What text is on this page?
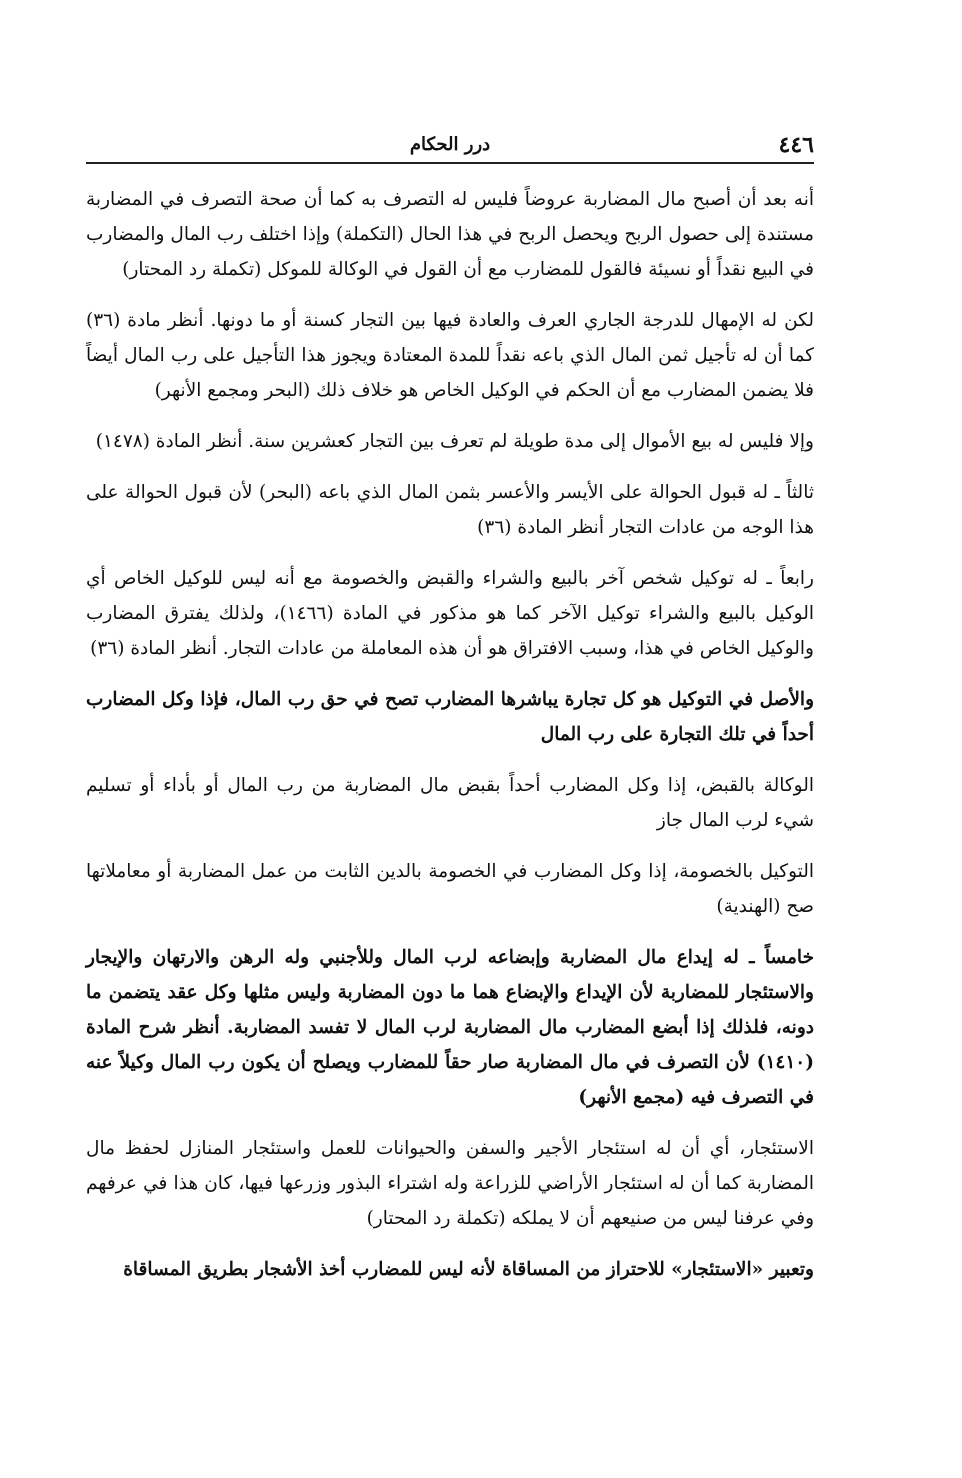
٤٤٦
درر الحكام

أنه بعد أن أصبح مال المضاربة عروضاً فليس له التصرف به كما أن صحة التصرف في المضاربة مستندة إلى حصول الربح ويحصل الربح في هذا الحال (التكملة) وإذا اختلف رب المال والمضارب في البيع نقداً أو نسيئة فالقول للمضارب مع أن القول في الوكالة للموكل (تكملة رد المحتار)

لكن له الإمهال للدرجة الجاري العرف والعادة فيها بين التجار كسنة أو ما دونها. أنظر مادة (٣٦) كما أن له تأجيل ثمن المال الذي باعه نقداً للمدة المعتادة ويجوز هذا التأجيل على رب المال أيضاً فلا يضمن المضارب مع أن الحكم في الوكيل الخاص هو خلاف ذلك (البحر ومجمع الأنهر)

وإلا فليس له بيع الأموال إلى مدة طويلة لم تعرف بين التجار كعشرين سنة. أنظر المادة (١٤٧٨)

ثالثاً ـ له قبول الحوالة على الأيسر والأعسر بثمن المال الذي باعه (البحر) لأن قبول الحوالة على هذا الوجه من عادات التجار أنظر المادة (٣٦)

رابعاً ـ له توكيل شخص آخر بالبيع والشراء والقبض والخصومة مع أنه ليس للوكيل الخاص أي الوكيل بالبيع والشراء توكيل الآخر كما هو مذكور في المادة (١٤٦٦)، ولذلك يفترق المضارب والوكيل الخاص في هذا، وسبب الافتراق هو أن هذه المعاملة من عادات التجار. أنظر المادة (٣٦)

والأصل في التوكيل هو كل تجارة يباشرها المضارب تصح في حق رب المال، فإذا وكل المضارب أحداً في تلك التجارة على رب المال

الوكالة بالقبض، إذا وكل المضارب أحداً بقبض مال المضاربة من رب المال أو بأداء أو تسليم شيء لرب المال جاز

التوكيل بالخصومة، إذا وكل المضارب في الخصومة بالدين الثابت من عمل المضاربة أو معاملاتها صح (الهندية)

خامساً ـ له إيداع مال المضاربة وإبضاعه لرب المال وللأجنبي وله الرهن والارتهان والإيجار والاستئجار للمضاربة لأن الإيداع والإبضاع هما ما دون المضاربة وليس مثلها وكل عقد يتضمن ما دونه، فلذلك إذا أبضع المضارب مال المضاربة لرب المال لا تفسد المضاربة. أنظر شرح المادة (١٤١٠) لأن التصرف في مال المضاربة صار حقاً للمضارب ويصلح أن يكون رب المال وكيلاً عنه في التصرف فيه (مجمع الأنهر)

الاستئجار، أي أن له استئجار الأجير والسفن والحيوانات للعمل واستئجار المنازل لحفظ مال المضاربة كما أن له استئجار الأراضي للزراعة وله اشتراء البذور وزرعها فيها، كان هذا في عرفهم وفي عرفنا ليس من صنيعهم أن لا يملكه (تكملة رد المحتار)

وتعبير «الاستئجار» للاحتراز من المساقاة لأنه ليس للمضارب أخذ الأشجار بطريق المساقاة
